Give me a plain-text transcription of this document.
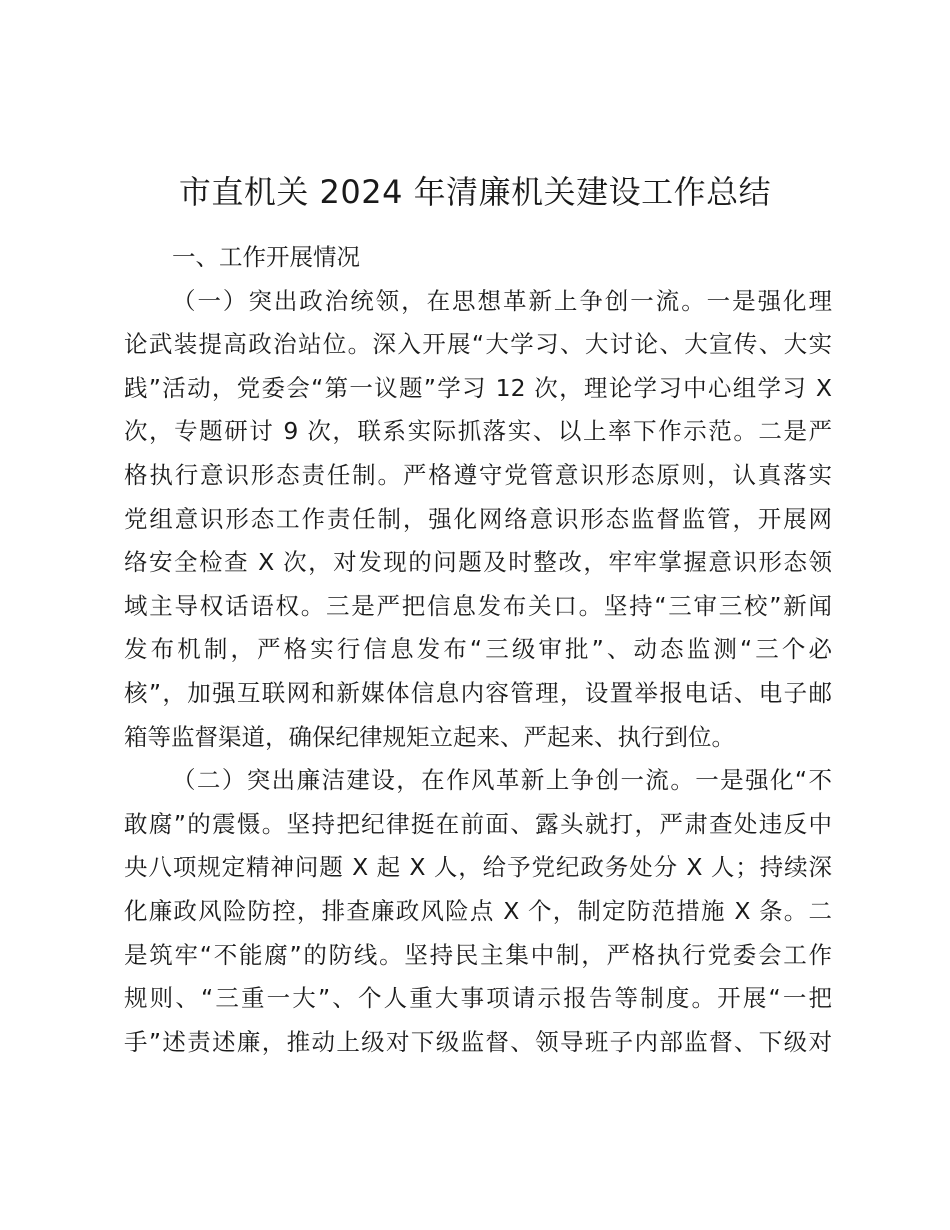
市直机关 2024 年清廉机关建设工作总结
一、工作开展情况
（一）突出政治统领，在思想革新上争创一流。一是强化理
论武装提高政治站位。深入开展“大学习、大讨论、大宣传、大实
践”活动，党委会“第一议题”学习 12 次，理论学习中心组学习 X
次，专题研讨 9 次，联系实际抓落实、以上率下作示范。二是严
格执行意识形态责任制。严格遵守党管意识形态原则，认真落实
党组意识形态工作责任制，强化网络意识形态监督监管，开展网
络安全检查 X 次，对发现的问题及时整改，牢牢掌握意识形态领
域主导权话语权。三是严把信息发布关口。坚持“三审三校”新闻
发布机制，严格实行信息发布“三级审批”、动态监测“三个必
核”，加强互联网和新媒体信息内容管理，设置举报电话、电子邮
箱等监督渠道，确保纪律规矩立起来、严起来、执行到位。
（二）突出廉洁建设，在作风革新上争创一流。一是强化“不
敢腐”的震慑。坚持把纪律挺在前面、露头就打，严肃查处违反中
央八项规定精神问题 X 起 X 人，给予党纪政务处分 X 人；持续深
化廉政风险防控，排查廉政风险点 X 个，制定防范措施 X 条。二
是筑牢“不能腐”的防线。坚持民主集中制，严格执行党委会工作
规则、“三重一大”、个人重大事项请示报告等制度。开展“一把
手”述责述廉，推动上级对下级监督、领导班子内部监督、下级对
